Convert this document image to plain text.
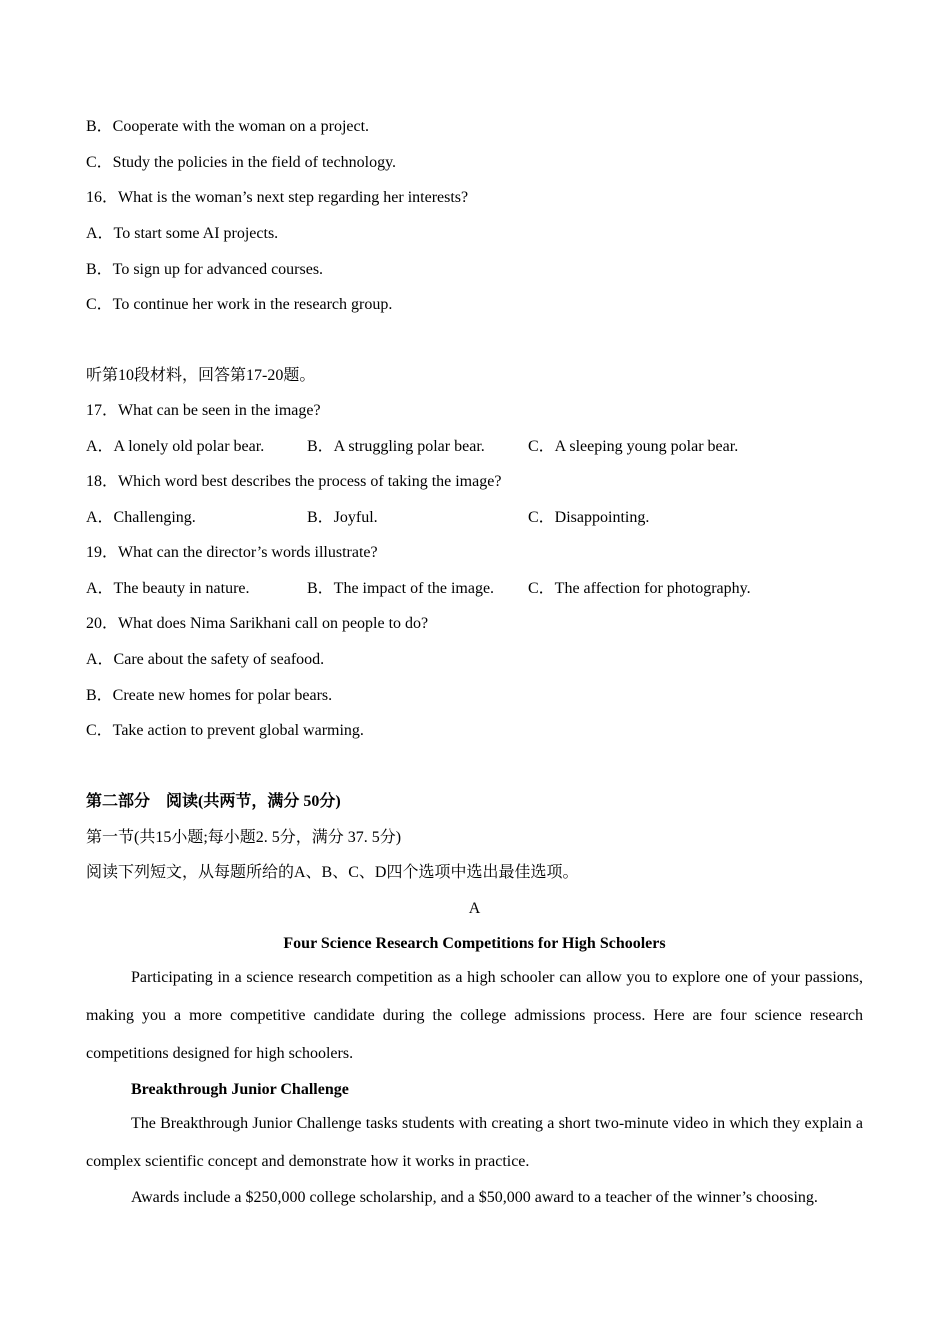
B．Cooperate with the woman on a project.
C．Study the policies in the field of technology.
16．What is the woman’s next step regarding her interests?
A．To start some AI projects.
B．To sign up for advanced courses.
C．To continue her work in the research group.
听第10段材料，回答第17-20题。
17．What can be seen in the image?
A．A lonely old polar bear.	B．A struggling polar bear.	C．A sleeping young polar bear.
18．Which word best describes the process of taking the image?
A．Challenging.	B．Joyful.	C．Disappointing.
19．What can the director’s words illustrate?
A．The beauty in nature.	B．The impact of the image. C．The affection for photography.
20．What does Nima Sarikhani call on people to do?
A．Care about the safety of seafood.
B．Create new homes for polar bears.
C．Take action to prevent global warming.
第二部分　阅读(共两节，满分 50分)
第一节(共15小题;每小题2. 5分，满分 37. 5分)
阅读下列短文，从每题所给的A、B、C、D四个选项中选出最佳选项。
A
Four Science Research Competitions for High Schoolers
Participating in a science research competition as a high schooler can allow you to explore one of your passions, making you a more competitive candidate during the college admissions process. Here are four science research competitions designed for high schoolers.
Breakthrough Junior Challenge
The Breakthrough Junior Challenge tasks students with creating a short two-minute video in which they explain a complex scientific concept and demonstrate how it works in practice.
Awards include a $250,000 college scholarship, and a $50,000 award to a teacher of the winner’s choosing.
